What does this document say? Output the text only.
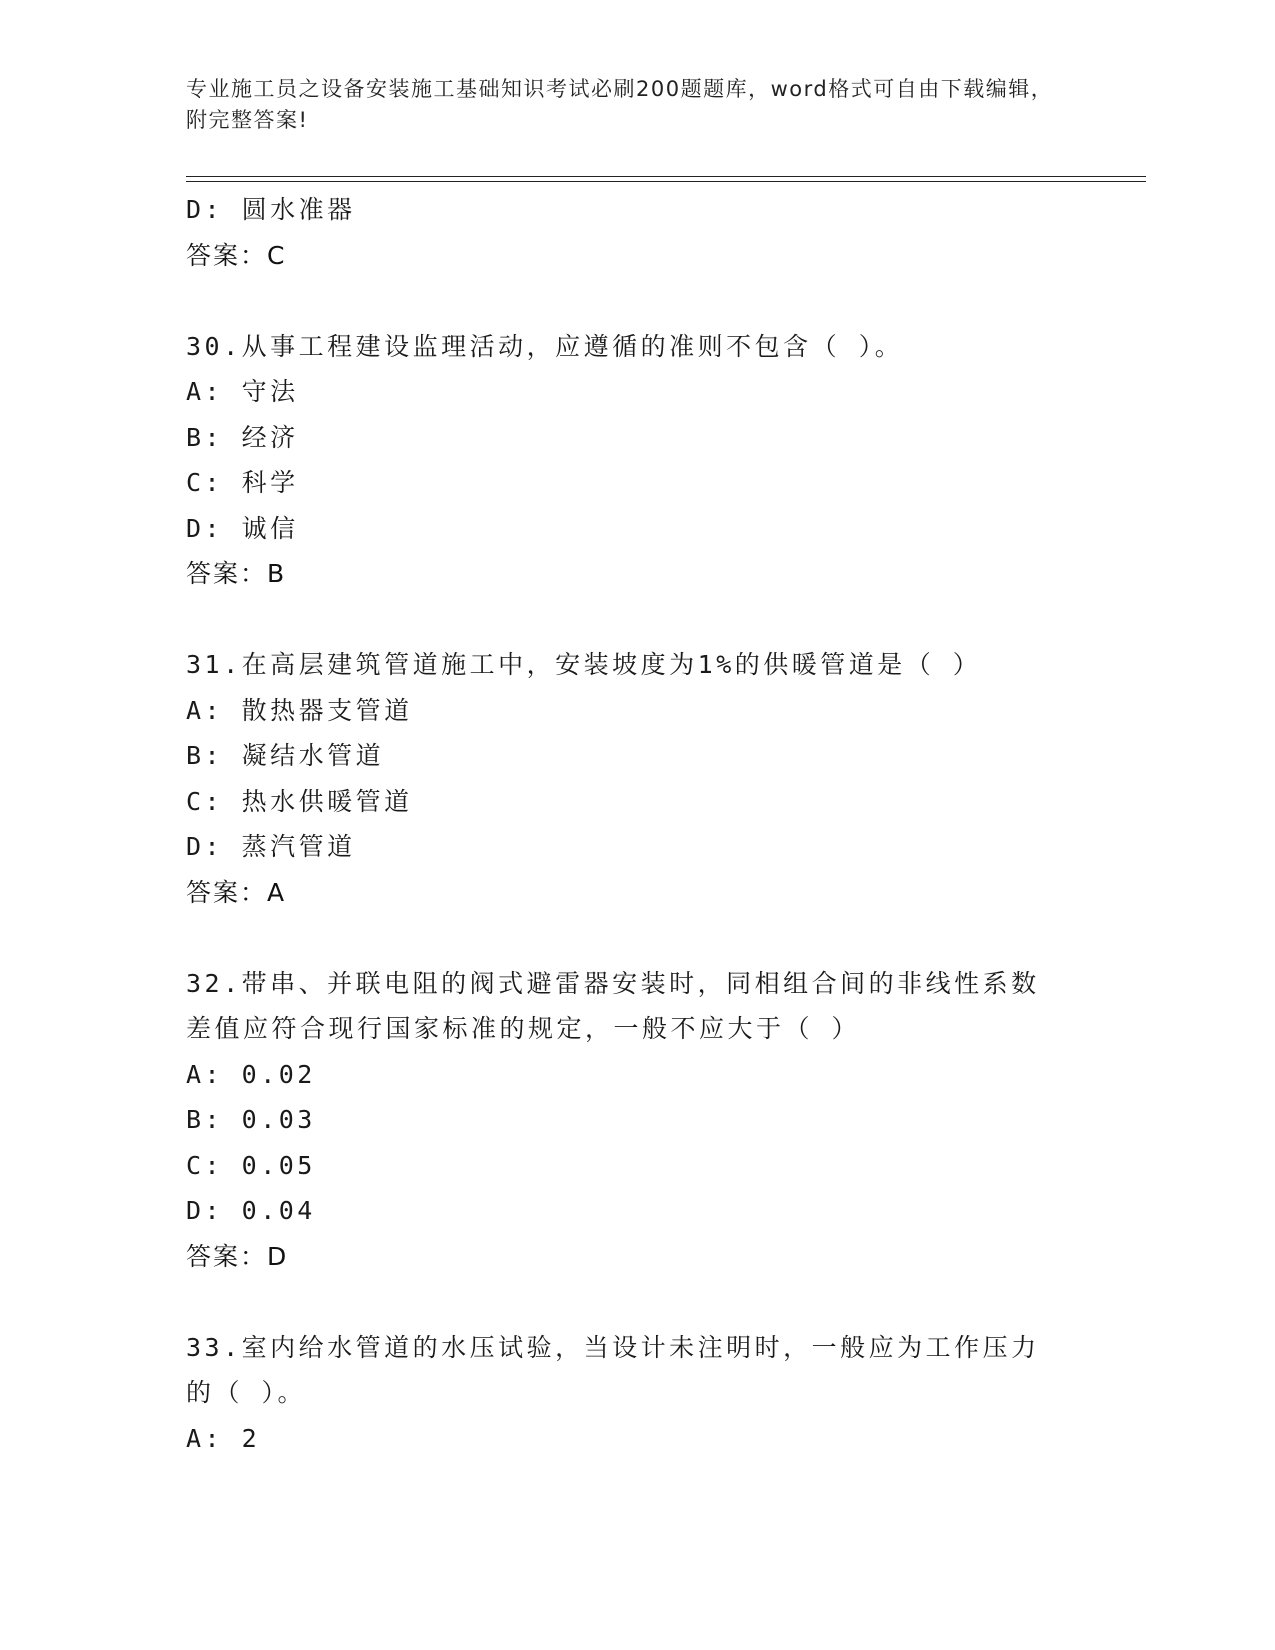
专业施工员之设备安装施工基础知识考试必刷200题题库，word格式可自由下载编辑，附完整答案!
D: 圆水准器
答案：C
30.从事工程建设监理活动，应遵循的准则不包含（ ）。
A: 守法
B: 经济
C: 科学
D: 诚信
答案：B
31.在高层建筑管道施工中，安装坡度为1%的供暖管道是（ ）
A: 散热器支管道
B: 凝结水管道
C: 热水供暖管道
D: 蒸汽管道
答案：A
32.带串、并联电阻的阀式避雷器安装时，同相组合间的非线性系数差值应符合现行国家标准的规定，一般不应大于（ ）
A: 0.02
B: 0.03
C: 0.05
D: 0.04
答案：D
33.室内给水管道的水压试验，当设计未注明时，一般应为工作压力的（ ）。
A: 2
